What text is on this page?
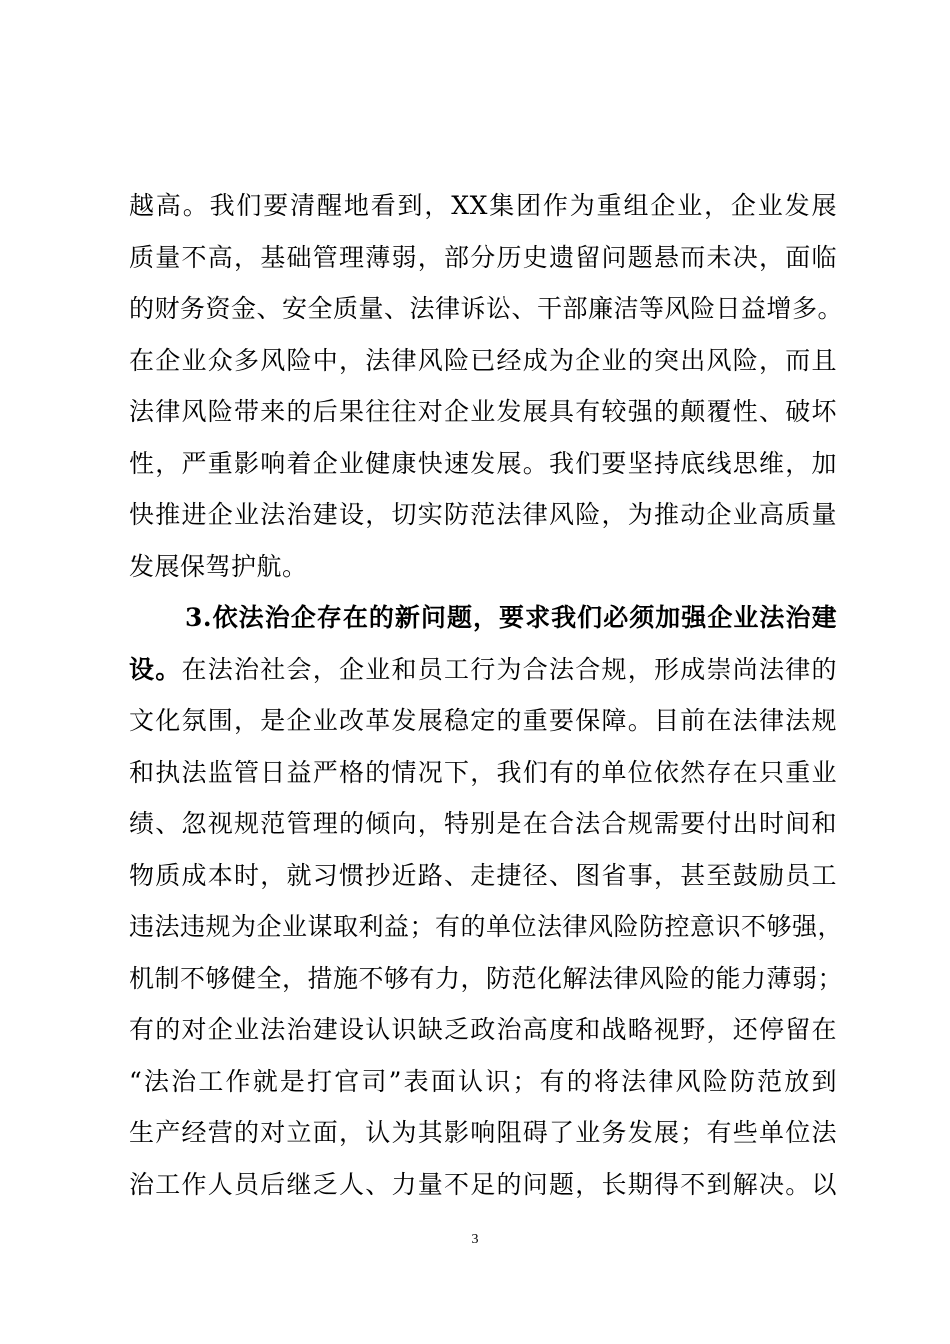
越高。我们要清醒地看到，XX集团作为重组企业，企业发展
质量不高，基础管理薄弱，部分历史遗留问题悬而未决，面临
的财务资金、安全质量、法律诉讼、干部廉洁等风险日益增多。
在企业众多风险中，法律风险已经成为企业的突出风险，而且
法律风险带来的后果往往对企业发展具有较强的颠覆性、破坏
性，严重影响着企业健康快速发展。我们要坚持底线思维，加
快推进企业法治建设，切实防范法律风险，为推动企业高质量
发展保驾护航。
3.依法治企存在的新问题，要求我们必须加强企业法治建
设。在法治社会，企业和员工行为合法合规，形成崇尚法律的
文化氛围，是企业改革发展稳定的重要保障。目前在法律法规
和执法监管日益严格的情况下，我们有的单位依然存在只重业
绩、忽视规范管理的倾向，特别是在合法合规需要付出时间和
物质成本时，就习惯抄近路、走捷径、图省事，甚至鼓励员工
违法违规为企业谋取利益；有的单位法律风险防控意识不够强，
机制不够健全，措施不够有力，防范化解法律风险的能力薄弱；
有的对企业法治建设认识缺乏政治高度和战略视野，还停留在
“法治工作就是打官司”表面认识；有的将法律风险防范放到
生产经营的对立面，认为其影响阻碍了业务发展；有些单位法
治工作人员后继乏人、力量不足的问题，长期得不到解决。以
3
